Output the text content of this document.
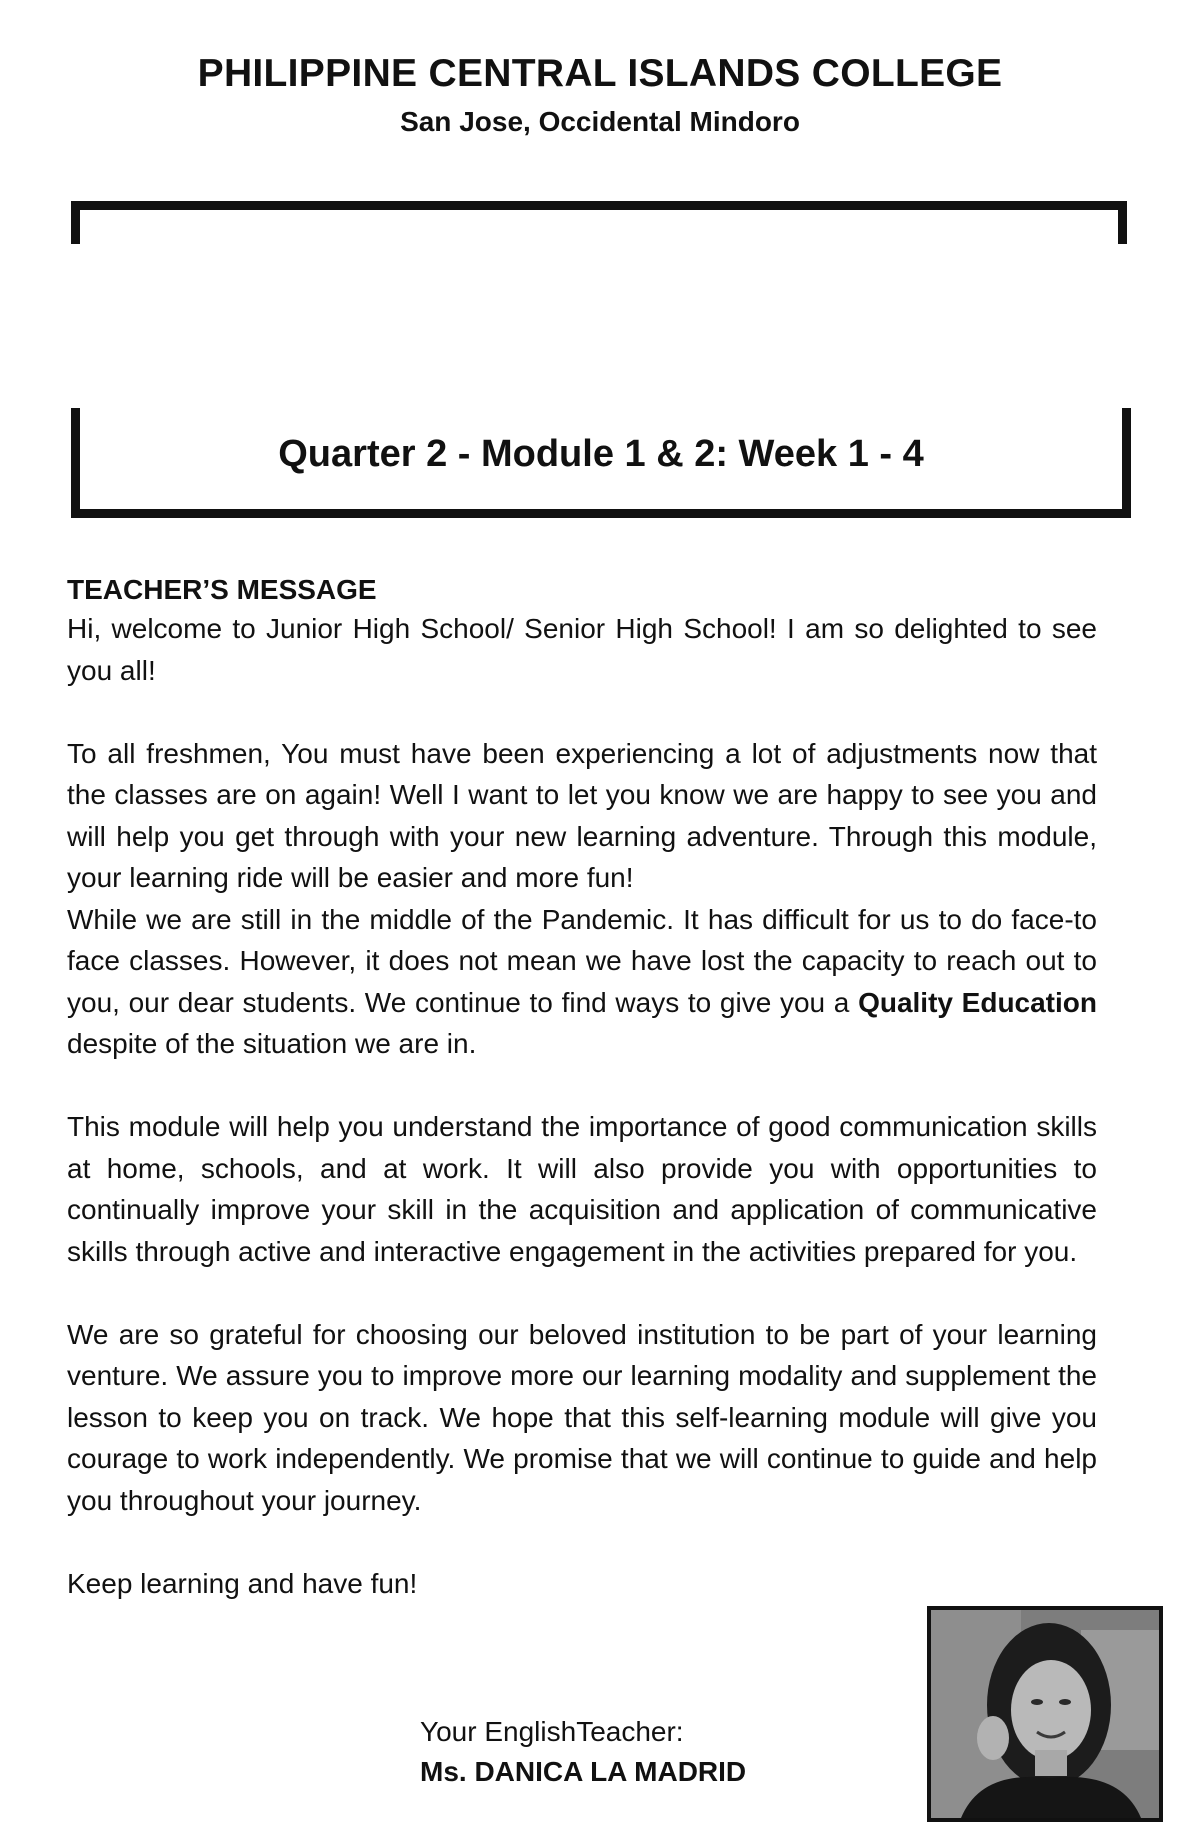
PHILIPPINE CENTRAL ISLANDS COLLEGE
San Jose, Occidental Mindoro
Quarter 2 - Module 1 & 2: Week 1 - 4

TEACHER’S MESSAGE

Hi, welcome to Junior High School/ Senior High School! I am so delighted to see you all!

To all freshmen, You must have been experiencing a lot of adjustments now that the classes are on again! Well I want to let you know we are happy to see you and will help you get through with your new learning adventure. Through this module, your learning ride will be easier and more fun!

While we are still in the middle of the Pandemic. It has difficult for us to do face-to face classes. However, it does not mean we have lost the capacity to reach out to you, our dear students. We continue to find ways to give you a Quality Education despite of the situation we are in.

This module will help you understand the importance of good communication skills at home, schools, and at work. It will also provide you with opportunities to continually improve your skill in the acquisition and application of communicative skills through active and interactive engagement in the activities prepared for you.

We are so grateful for choosing our beloved institution to be part of your learning venture. We assure you to improve more our learning modality and supplement the lesson to keep you on track. We hope that this self-learning module will give you courage to work independently. We promise that we will continue to guide and help you throughout your journey.

Keep learning and have fun!

Your EnglishTeacher:
Ms. DANICA LA MADRID
